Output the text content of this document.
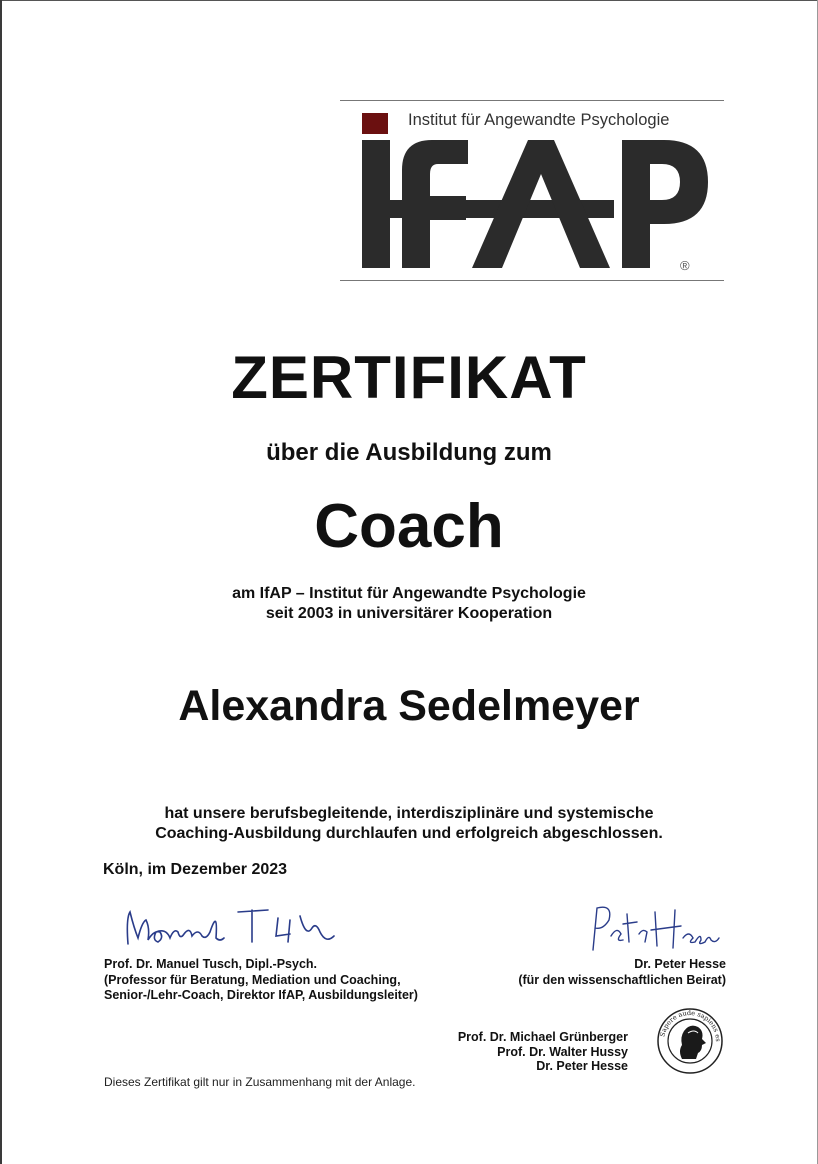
Institut für Angewandte Psychologie
®
ZERTIFIKAT
über die Ausbildung zum
Coach
am IfAP – Institut für Angewandte Psychologie
seit 2003 in universitärer Kooperation
Alexandra Sedelmeyer
hat unsere berufsbegleitende, interdisziplinäre und systemische
Coaching-Ausbildung durchlaufen und erfolgreich abgeschlossen.
Köln, im Dezember 2023
Prof. Dr. Manuel Tusch, Dipl.-Psych.
(Professor für Beratung, Mediation und Coaching,
Senior-/Lehr-Coach, Direktor IfAP, Ausbildungsleiter)
Dr. Peter Hesse
(für den wissenschaftlichen Beirat)
Prof. Dr. Michael Grünberger
Prof. Dr. Walter Hussy
Dr. Peter Hesse
Sapere aude sapiens es
Dieses Zertifikat gilt nur in Zusammenhang mit der Anlage.
